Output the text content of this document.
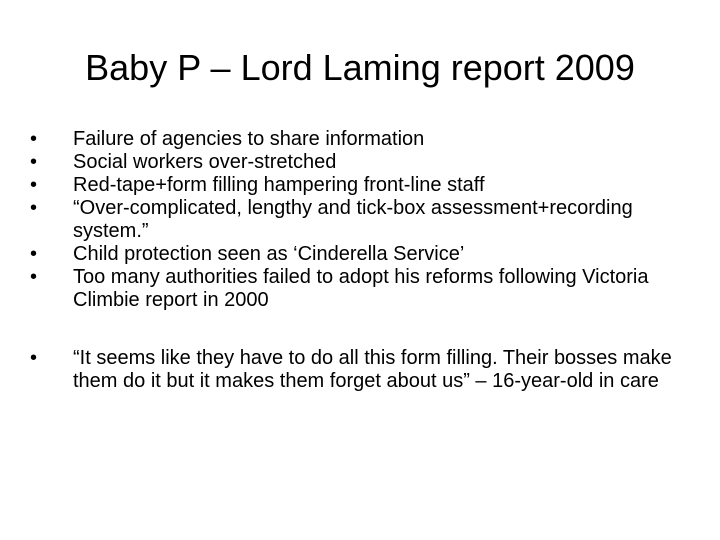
Baby P – Lord Laming report 2009
•	Failure of agencies to share information
•	Social workers over-stretched
•	Red-tape+form filling hampering front-line staff
•	“Over-complicated, lengthy and tick-box assessment+recording system.”
•	Child protection seen as ‘Cinderella Service’
•	Too many authorities failed to adopt his reforms following Victoria Climbie report in 2000
•	“It seems like they have to do all this form filling. Their bosses make them do it but it makes them forget about us” – 16-year-old in care
